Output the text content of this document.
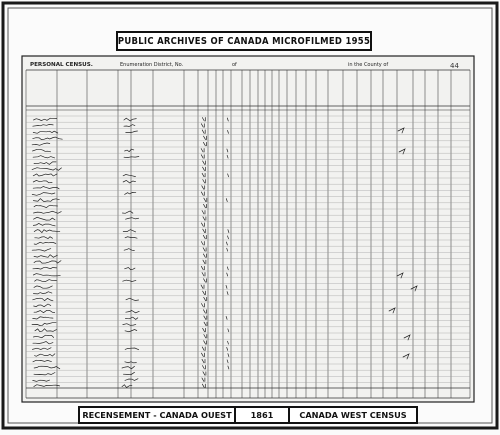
PUBLIC ARCHIVES OF CANADA MICROFILMED 1955
PERSONAL CENSUS.	Enumeration District, No.	of	in the County of	44
RECENSEMENT - CANADA OUEST	1861	CANADA WEST CENSUS
